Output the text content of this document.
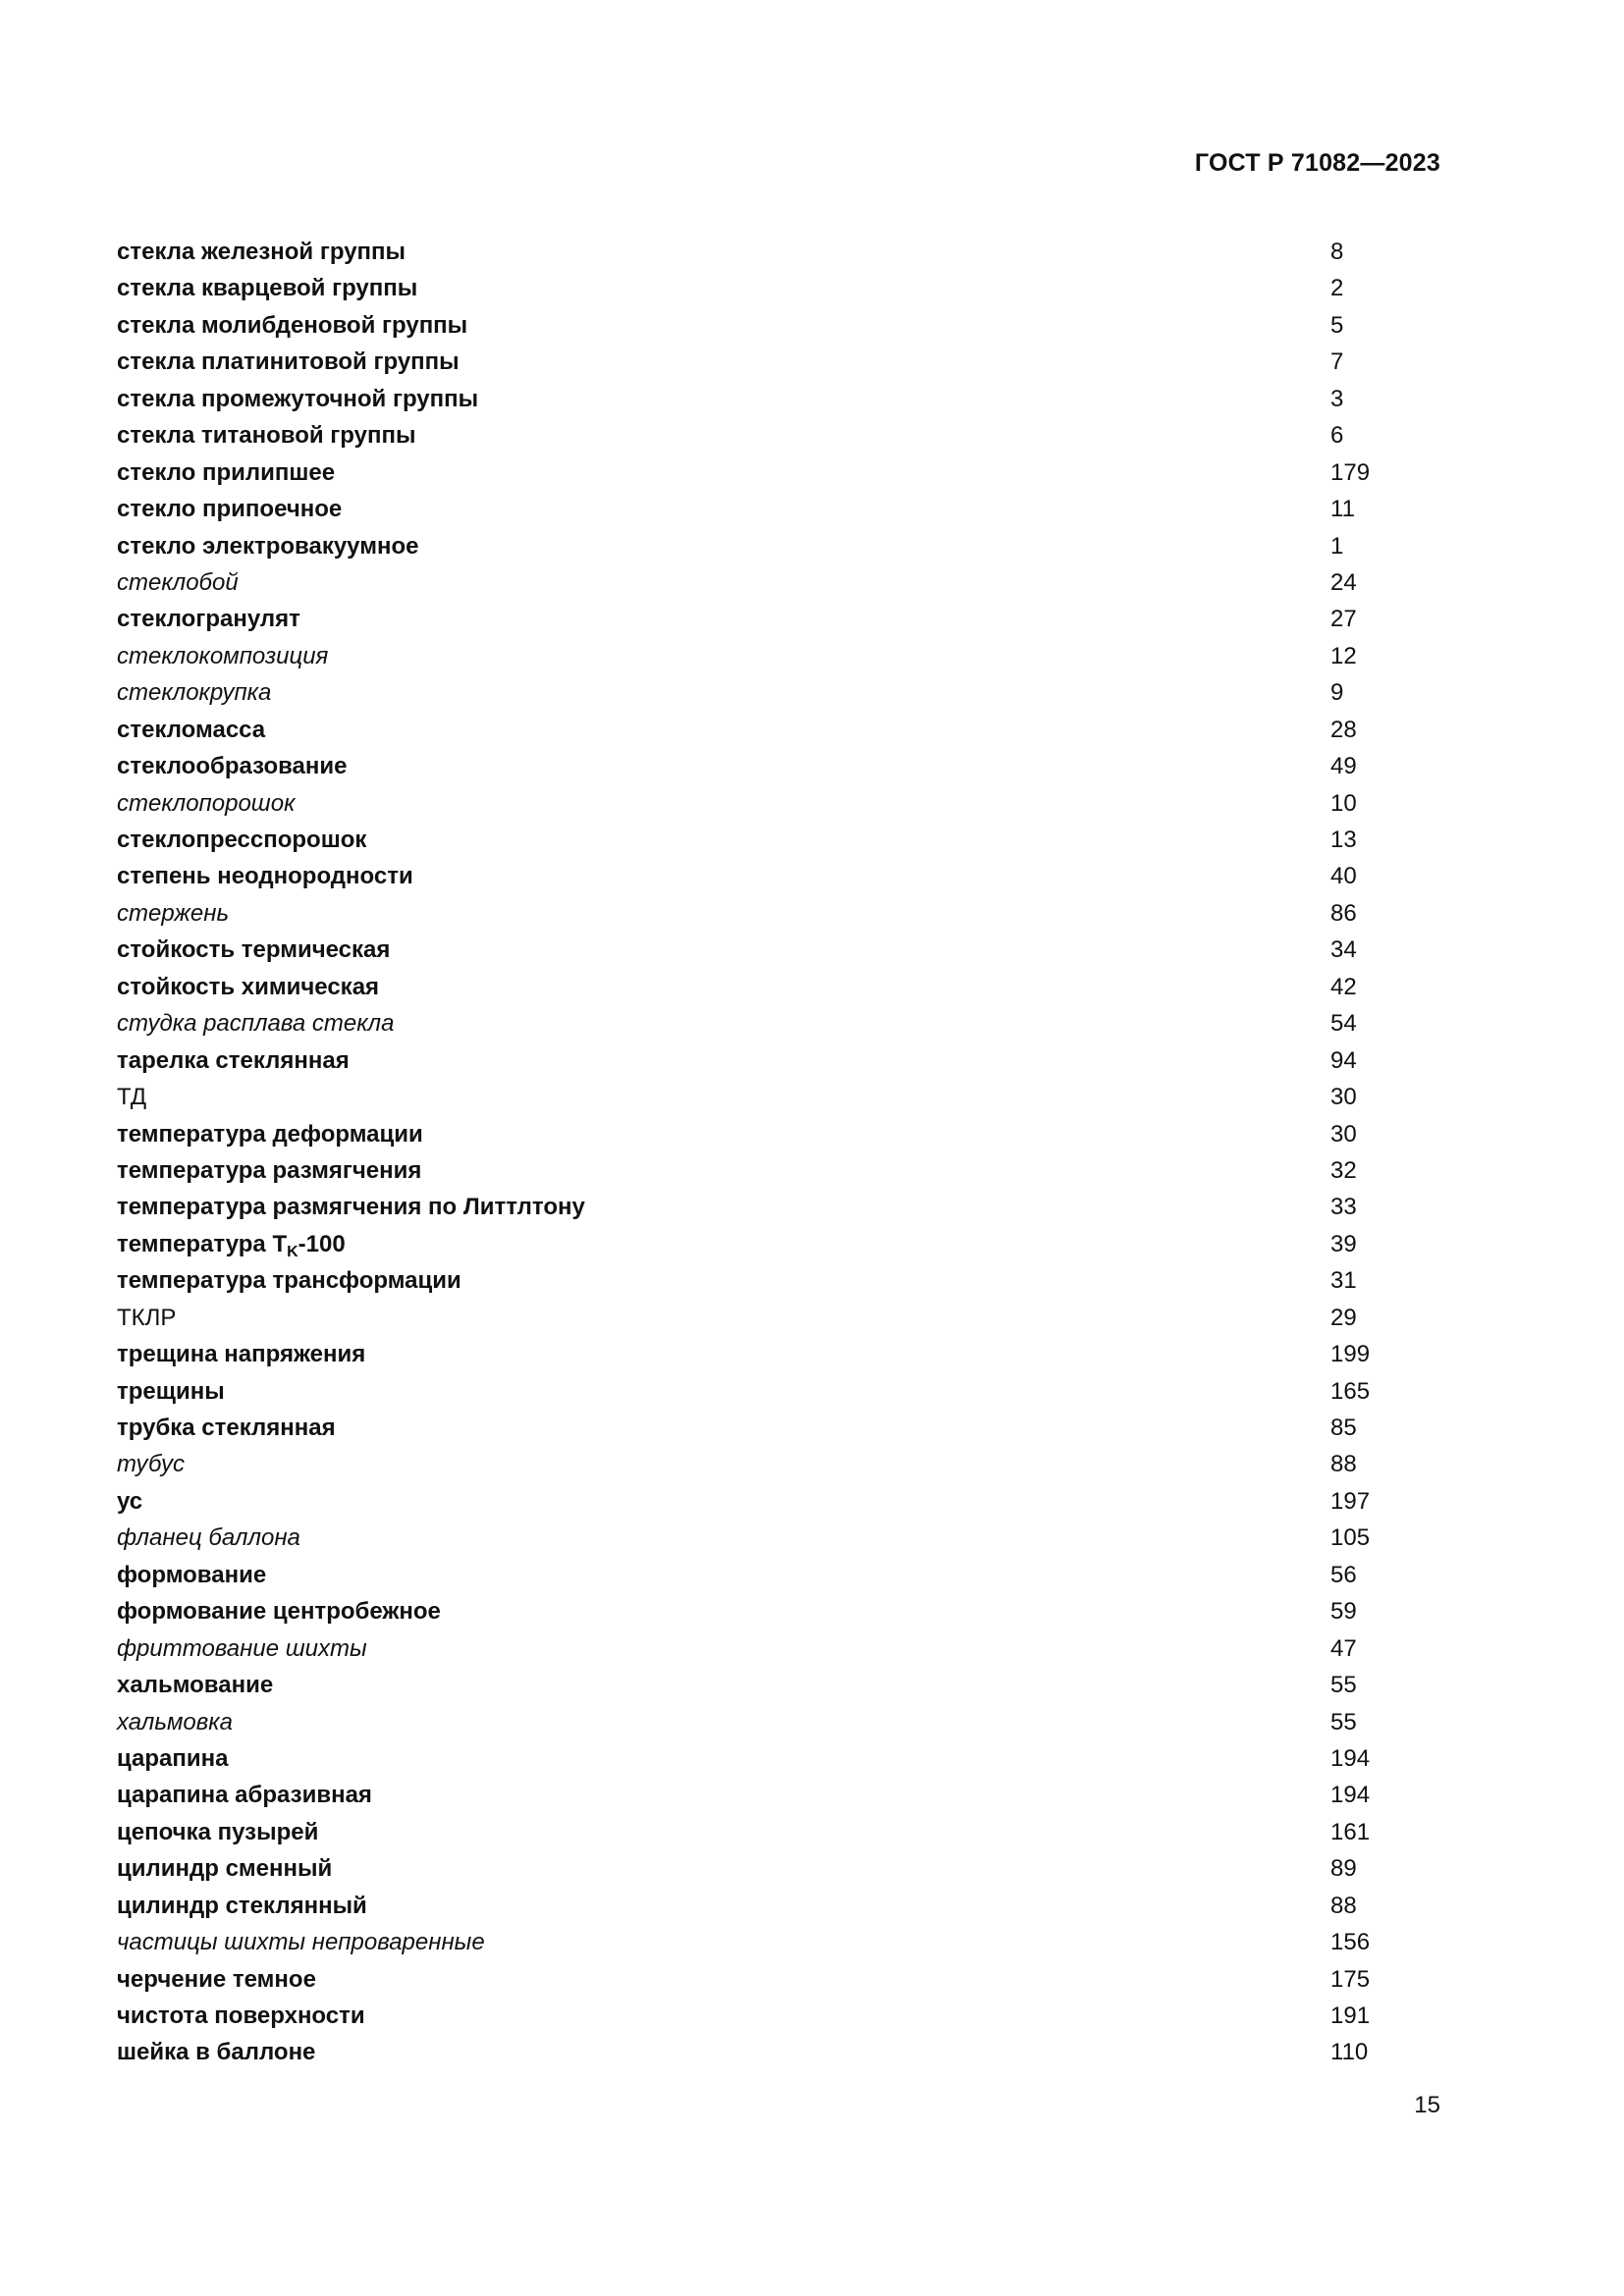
ГОСТ Р 71082—2023
стекла железной группы	8
стекла кварцевой группы	2
стекла молибденовой группы	5
стекла платинитовой группы	7
стекла промежуточной группы	3
стекла титановой группы	6
стекло прилипшее	179
стекло припоечное	11
стекло электровакуумное	1
стеклобой	24
стеклогранулят	27
стеклокомпозиция	12
стеклокрупка	9
стекломасса	28
стеклообразование	49
стеклопорошок	10
стеклопресспорошок	13
степень неоднородности	40
стержень	86
стойкость термическая	34
стойкость химическая	42
студка расплава стекла	54
тарелка стеклянная	94
ТД	30
температура деформации	30
температура размягчения	32
температура размягчения по Литтлтону	33
температура $T_K-100$	39
температура трансформации	31
ТКЛР	29
трещина напряжения	199
трещины	165
трубка стеклянная	85
тубус	88
ус	197
фланец баллона	105
формование	56
формование центробежное	59
фриттование шихты	47
хальмование	55
хальмовка	55
царапина	194
царапина абразивная	194
цепочка пузырей	161
цилиндр сменный	89
цилиндр стеклянный	88
частицы шихты непроваренные	156
черчение темное	175
чистота поверхности	191
шейка в баллоне	110
15
